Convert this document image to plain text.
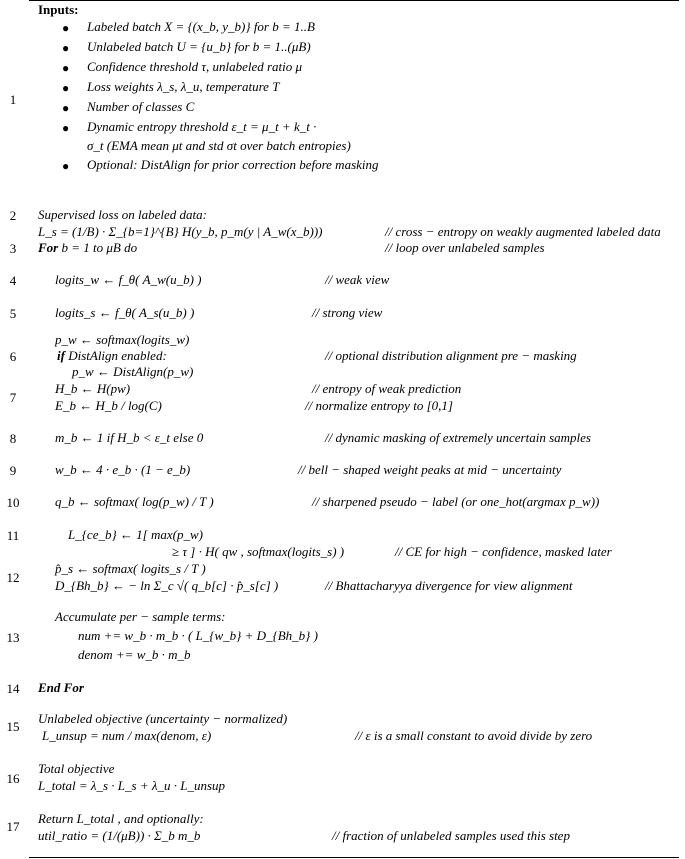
Inputs:
1
● Labeled batch X = {(x_b, y_b)} for b = 1..B
● Unlabeled batch U = {u_b} for b = 1..(μB)
● Confidence threshold τ, unlabeled ratio μ
● Loss weights λ_s, λ_u, temperature T
● Number of classes C
● Dynamic entropy threshold ε_t = μ_t + k_t ·
σ_t (EMA mean μt and std σt over batch entropies)
● Optional: DistAlign for prior correction before masking
2 Supervised loss on labeled data:
L_s = (1/B) · Σ_{b=1}^{B} H(y_b, p_m(y | A_w(x_b)))	// cross − entropy on weakly augmented labeled data
3 For b = 1 to μB do	// loop over unlabeled samples
4	logits_w ← f_θ( A_w(u_b) )	// weak view
5	logits_s ← f_θ( A_s(u_b) )	// strong view
6
p_w ← softmax(logits_w)
if DistAlign enabled:	// optional distribution alignment pre − masking
p_w ← DistAlign(p_w)
7
H_b ← H(pw)	// entropy of weak prediction
E_b ← H_b / log(C)	// normalize entropy to [0,1]
8	m_b ← 1 if H_b < ε_t else 0	// dynamic masking of extremely uncertain samples
9	w_b ← 4 · e_b · (1 − e_b)	// bell − shaped weight peaks at mid − uncertainty
10	q_b ← softmax( log(p_w) / T )	// sharpened pseudo − label (or one_hot(argmax p_w))
11	L_{ce_b} ← 1[ max(p_w)
≥ τ ] · H( qw , softmax(logits_s) )	// CE for high − confidence, masked later
12
p̂_s ← softmax( logits_s / T )
D_{Bh_b} ← − ln Σ_c √( q_b[c] · p̂_s[c] )	// Bhattacharyya divergence for view alignment
13
Accumulate per − sample terms:
num += w_b · m_b · ( L_{w_b} + D_{Bh_b} )
denom += w_b · m_b
14 End For
15
Unlabeled objective (uncertainty − normalized)
L_unsup = num / max(denom, ε)	// ε is a small constant to avoid divide by zero
16
Total objective
L_total = λ_s · L_s + λ_u · L_unsup
17
Return L_total , and optionally:
util_ratio = (1/(μB)) · Σ_b m_b	// fraction of unlabeled samples used this step
